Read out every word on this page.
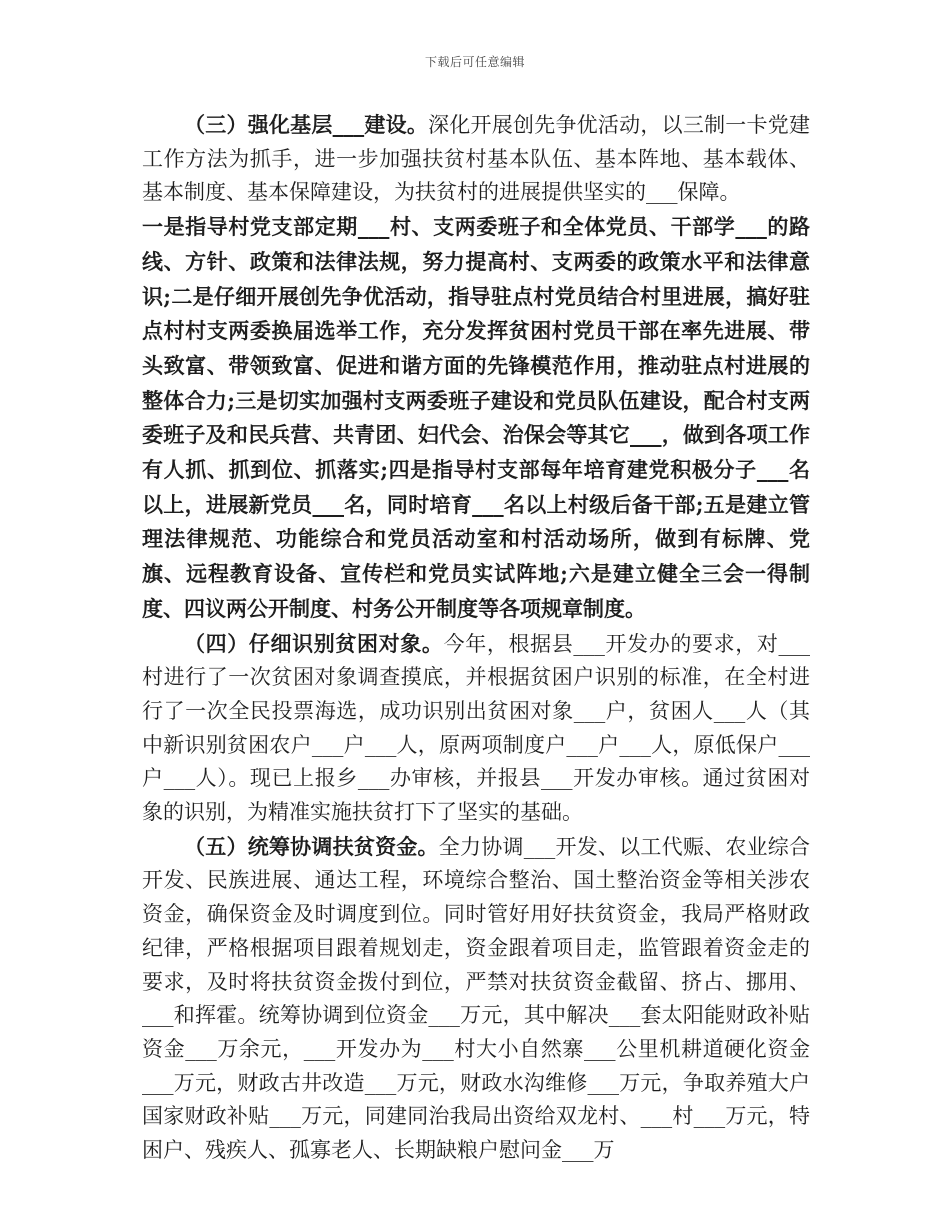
下载后可任意编辑

（三）强化基层___建设。深化开展创先争优活动，以三制一卡党建工作方法为抓手，进一步加强扶贫村基本队伍、基本阵地、基本载体、基本制度、基本保障建设，为扶贫村的进展提供坚实的___保障。

一是指导村党支部定期___村、支两委班子和全体党员、干部学___的路线、方针、政策和法律法规，努力提高村、支两委的政策水平和法律意识;二是仔细开展创先争优活动，指导驻点村党员结合村里进展，搞好驻点村村支两委换届选举工作，充分发挥贫困村党员干部在率先进展、带头致富、带领致富、促进和谐方面的先锋模范作用，推动驻点村进展的整体合力;三是切实加强村支两委班子建设和党员队伍建设，配合村支两委班子及和民兵营、共青团、妇代会、治保会等其它___，做到各项工作有人抓、抓到位、抓落实;四是指导村支部每年培育建党积极分子___名以上，进展新党员___名，同时培育___名以上村级后备干部;五是建立管理法律规范、功能综合和党员活动室和村活动场所，做到有标牌、党旗、远程教育设备、宣传栏和党员实试阵地;六是建立健全三会一得制度、四议两公开制度、村务公开制度等各项规章制度。

（四）仔细识别贫困对象。今年，根据县___开发办的要求，对___村进行了一次贫困对象调查摸底，并根据贫困户识别的标准，在全村进行了一次全民投票海选，成功识别出贫困对象___户，贫困人___人（其中新识别贫困农户___户___人，原两项制度户___户___人，原低保户___户___人）。现已上报乡___办审核，并报县___开发办审核。通过贫困对象的识别，为精准实施扶贫打下了坚实的基础。

（五）统筹协调扶贫资金。全力协调___开发、以工代赈、农业综合开发、民族进展、通达工程，环境综合整治、国土整治资金等相关涉农资金，确保资金及时调度到位。同时管好用好扶贫资金，我局严格财政纪律，严格根据项目跟着规划走，资金跟着项目走，监管跟着资金走的要求，及时将扶贫资金拨付到位，严禁对扶贫资金截留、挤占、挪用、___和挥霍。统筹协调到位资金___万元，其中解决___套太阳能财政补贴资金___万余元，___开发办为___村大小自然寨___公里机耕道硬化资金___万元，财政古井改造___万元，财政水沟维修___万元，争取养殖大户国家财政补贴___万元，同建同治我局出资给双龙村、___村___万元，特困户、残疾人、孤寡老人、长期缺粮户慰问金___万
